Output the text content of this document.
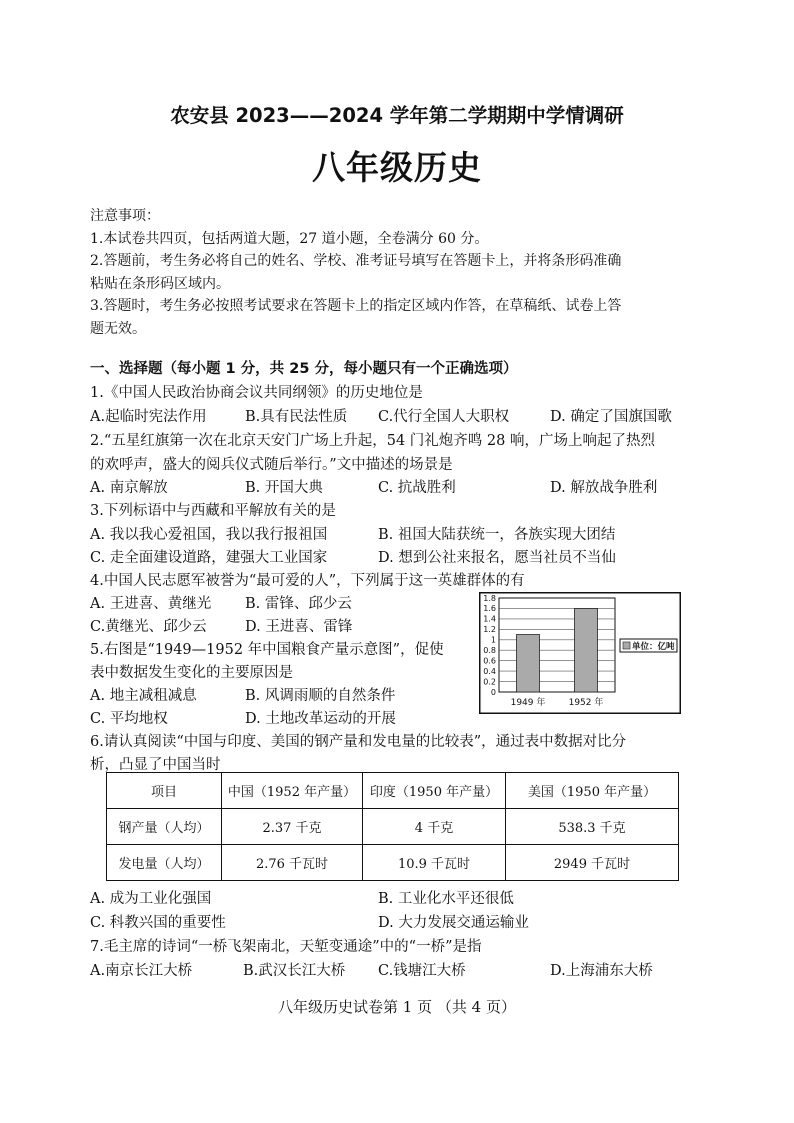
农安县 2023——2024 学年第二学期期中学情调研
八年级历史

注意事项：

1.本试卷共四页，包括两道大题，27 道小题，全卷满分 60 分。

2.答题前，考生务必将自己的姓名、学校、准考证号填写在答题卡上，并将条形码准确

粘贴在条形码区域内。

3.答题时，考生务必按照考试要求在答题卡上的指定区域内作答，在草稿纸、试卷上答

题无效。

一、选择题（每小题 1 分，共 25 分，每小题只有一个正确选项）
1.《中国人民政治协商会议共同纲领》的历史地位是
A.起临时宪法作用	B.具有民法性质 C.代行全国人大职权	D. 确定了国旗国歌
2.“五星红旗第一次在北京天安门广场上升起，54 门礼炮齐鸣 28 响，广场上响起了热烈
的欢呼声，盛大的阅兵仪式随后举行。”文中描述的场景是
A. 南京解放	B. 开国大典	C. 抗战胜利	D. 解放战争胜利
3.下列标语中与西藏和平解放有关的是
A. 我以我心爱祖国，我以我行报祖国	B. 祖国大陆获统一，各族实现大团结
C. 走全面建设道路，建强大工业国家	D. 想到公社来报名，愿当社员不当仙
4.中国人民志愿军被誉为“最可爱的人”，下列属于这一英雄群体的有
A. 王进喜、黄继光 B. 雷锋、邱少云
C.黄继光、邱少云	D. 王进喜、雷锋
5.右图是“1949—1952 年中国粮食产量示意图”，促使
表中数据发生变化的主要原因是
A. 地主减租减息	B. 风调雨顺的自然条件
C. 平均地权	D. 土地改革运动的开展
0
0.2
0.4
0.6
0.8
1
1.2
1.4
1.6
1.8
1949 年	1952 年
单位：亿吨
6.请认真阅读“中国与印度、美国的钢产量和发电量的比较表”，通过表中数据对比分
析，凸显了中国当时
项目	中国（1952 年产量）	印度（1950 年产量）	美国（1950 年产量）
钢产量（人均）	2.37 千克	4 千克	538.3 千克
发电量（人均）	2.76 千瓦时	10.9 千瓦时	2949 千瓦时
A. 成为工业化强国	B. 工业化水平还很低
C. 科教兴国的重要性	D. 大力发展交通运输业
7.毛主席的诗词“一桥飞架南北，天堑变通途”中的“一桥”是指
A.南京长江大桥	B.武汉长江大桥 C.钱塘江大桥	D.上海浦东大桥
八年级历史试卷第 1 页 （共 4 页）
